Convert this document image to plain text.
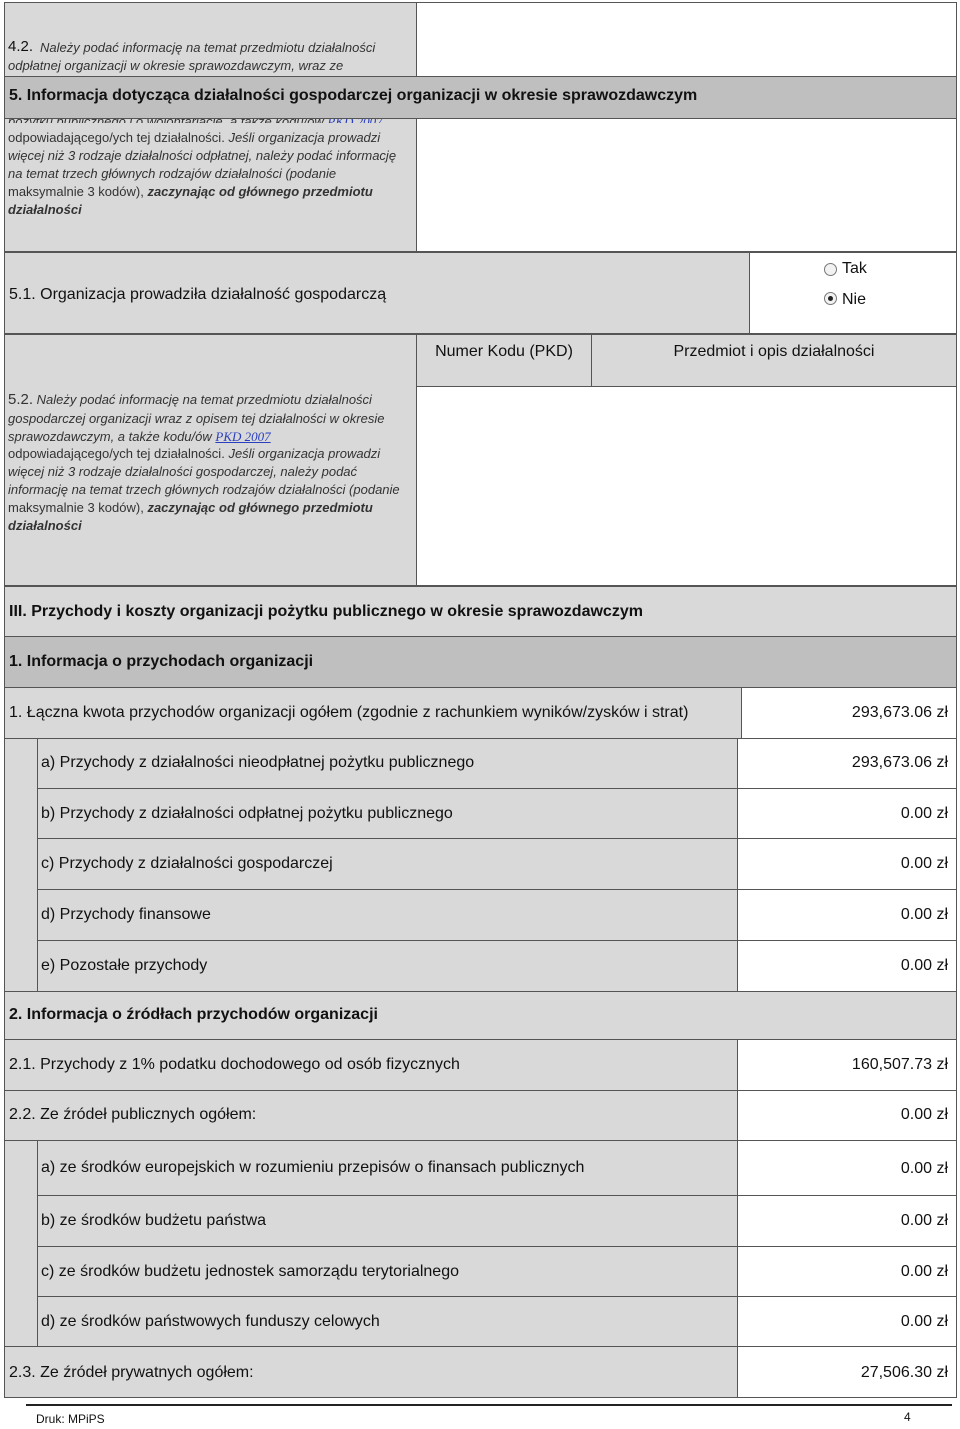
4.2. Należy podać informację na temat przedmiotu działalności
odpłatnej organizacji w okresie sprawozdawczym, wraz ze
odpowiadającego/ych tej działalności. Jeśli organizacja prowadzi
więcej niż 3 rodzaje działalności odpłatnej, należy podać informację
na temat trzech głównych rodzajów działalności (podanie
maksymalnie 3 kodów), zaczynając od głównego przedmiotu
działalności
5. Informacja dotycząca działalności gospodarczej organizacji w okresie sprawozdawczym
5.1. Organizacja prowadziła działalność gospodarczą
Tak
Nie
Numer Kodu (PKD)	Przedmiot i opis działalności
5.2. Należy podać informację na temat przedmiotu działalności
gospodarczej organizacji wraz z opisem tej działalności w okresie
sprawozdawczym, a także kodu/ów PKD 2007
odpowiadającego/ych tej działalności. Jeśli organizacja prowadzi
więcej niż 3 rodzaje działalności gospodarczej, należy podać
informację na temat trzech głównych rodzajów działalności (podanie
maksymalnie 3 kodów), zaczynając od głównego przedmiotu
działalności
III. Przychody i koszty organizacji pożytku publicznego w okresie sprawozdawczym
1. Informacja o przychodach organizacji
1. Łączna kwota przychodów organizacji ogółem (zgodnie z rachunkiem wyników/zysków i strat)	293,673.06 zł
a) Przychody z działalności nieodpłatnej pożytku publicznego	293,673.06 zł
b) Przychody z działalności odpłatnej pożytku publicznego	0.00 zł
c) Przychody z działalności gospodarczej	0.00 zł
d) Przychody finansowe	0.00 zł
e) Pozostałe przychody	0.00 zł
2. Informacja o źródłach przychodów organizacji
2.1. Przychody z 1% podatku dochodowego od osób fizycznych	160,507.73 zł
2.2. Ze źródeł publicznych ogółem:	0.00 zł
a) ze środków europejskich w rozumieniu przepisów o finansach publicznych	0.00 zł
b) ze środków budżetu państwa	0.00 zł
c) ze środków budżetu jednostek samorządu terytorialnego	0.00 zł
d) ze środków państwowych funduszy celowych	0.00 zł
2.3. Ze źródeł prywatnych ogółem:	27,506.30 zł
Druk: MPiPS	4
